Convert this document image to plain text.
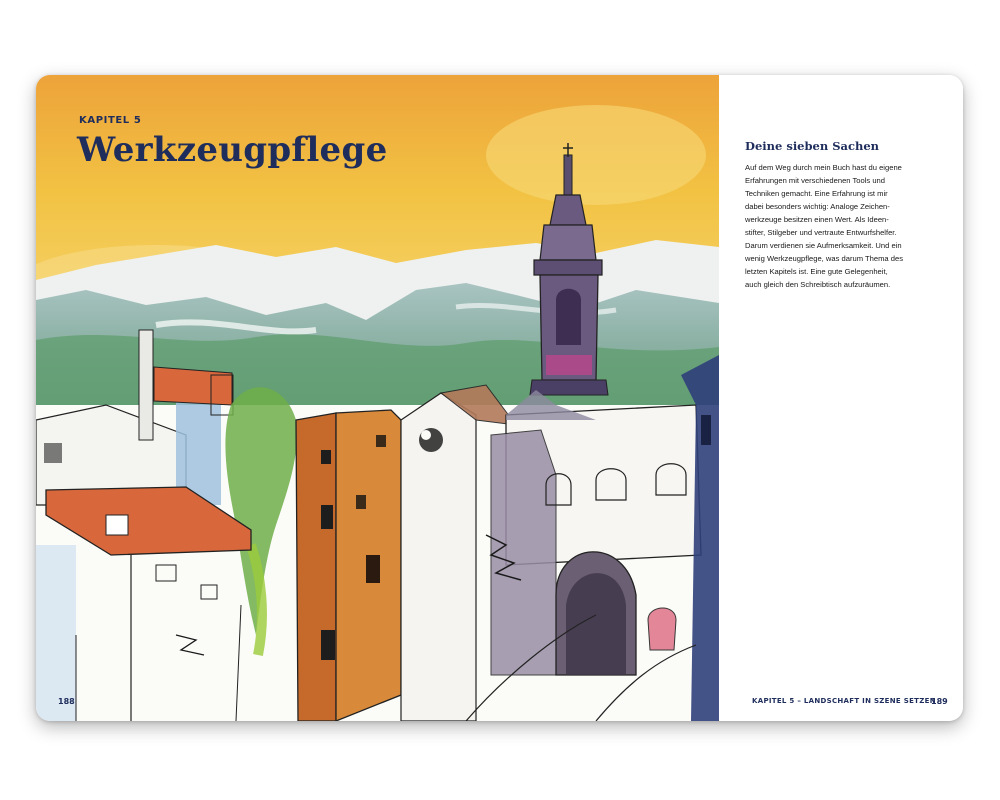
KAPITEL 5
Werkzeugpflege
188
Deine sieben Sachen

Auf dem Weg durch mein Buch hast du eigene
Erfahrungen mit verschiedenen Tools und
Techniken gemacht. Eine Erfahrung ist mir
dabei besonders wichtig: Analoge Zeichen-
werkzeuge besitzen einen Wert. Als Ideen-
stifter, Stilgeber und vertraute Entwurfshelfer.
Darum verdienen sie Aufmerksamkeit. Und ein
wenig Werkzeugpflege, was darum Thema des
letzten Kapitels ist. Eine gute Gelegenheit,
auch gleich den Schreibtisch aufzuräumen.

KAPITEL 5 – LANDSCHAFT IN SZENE SETZEN
189
